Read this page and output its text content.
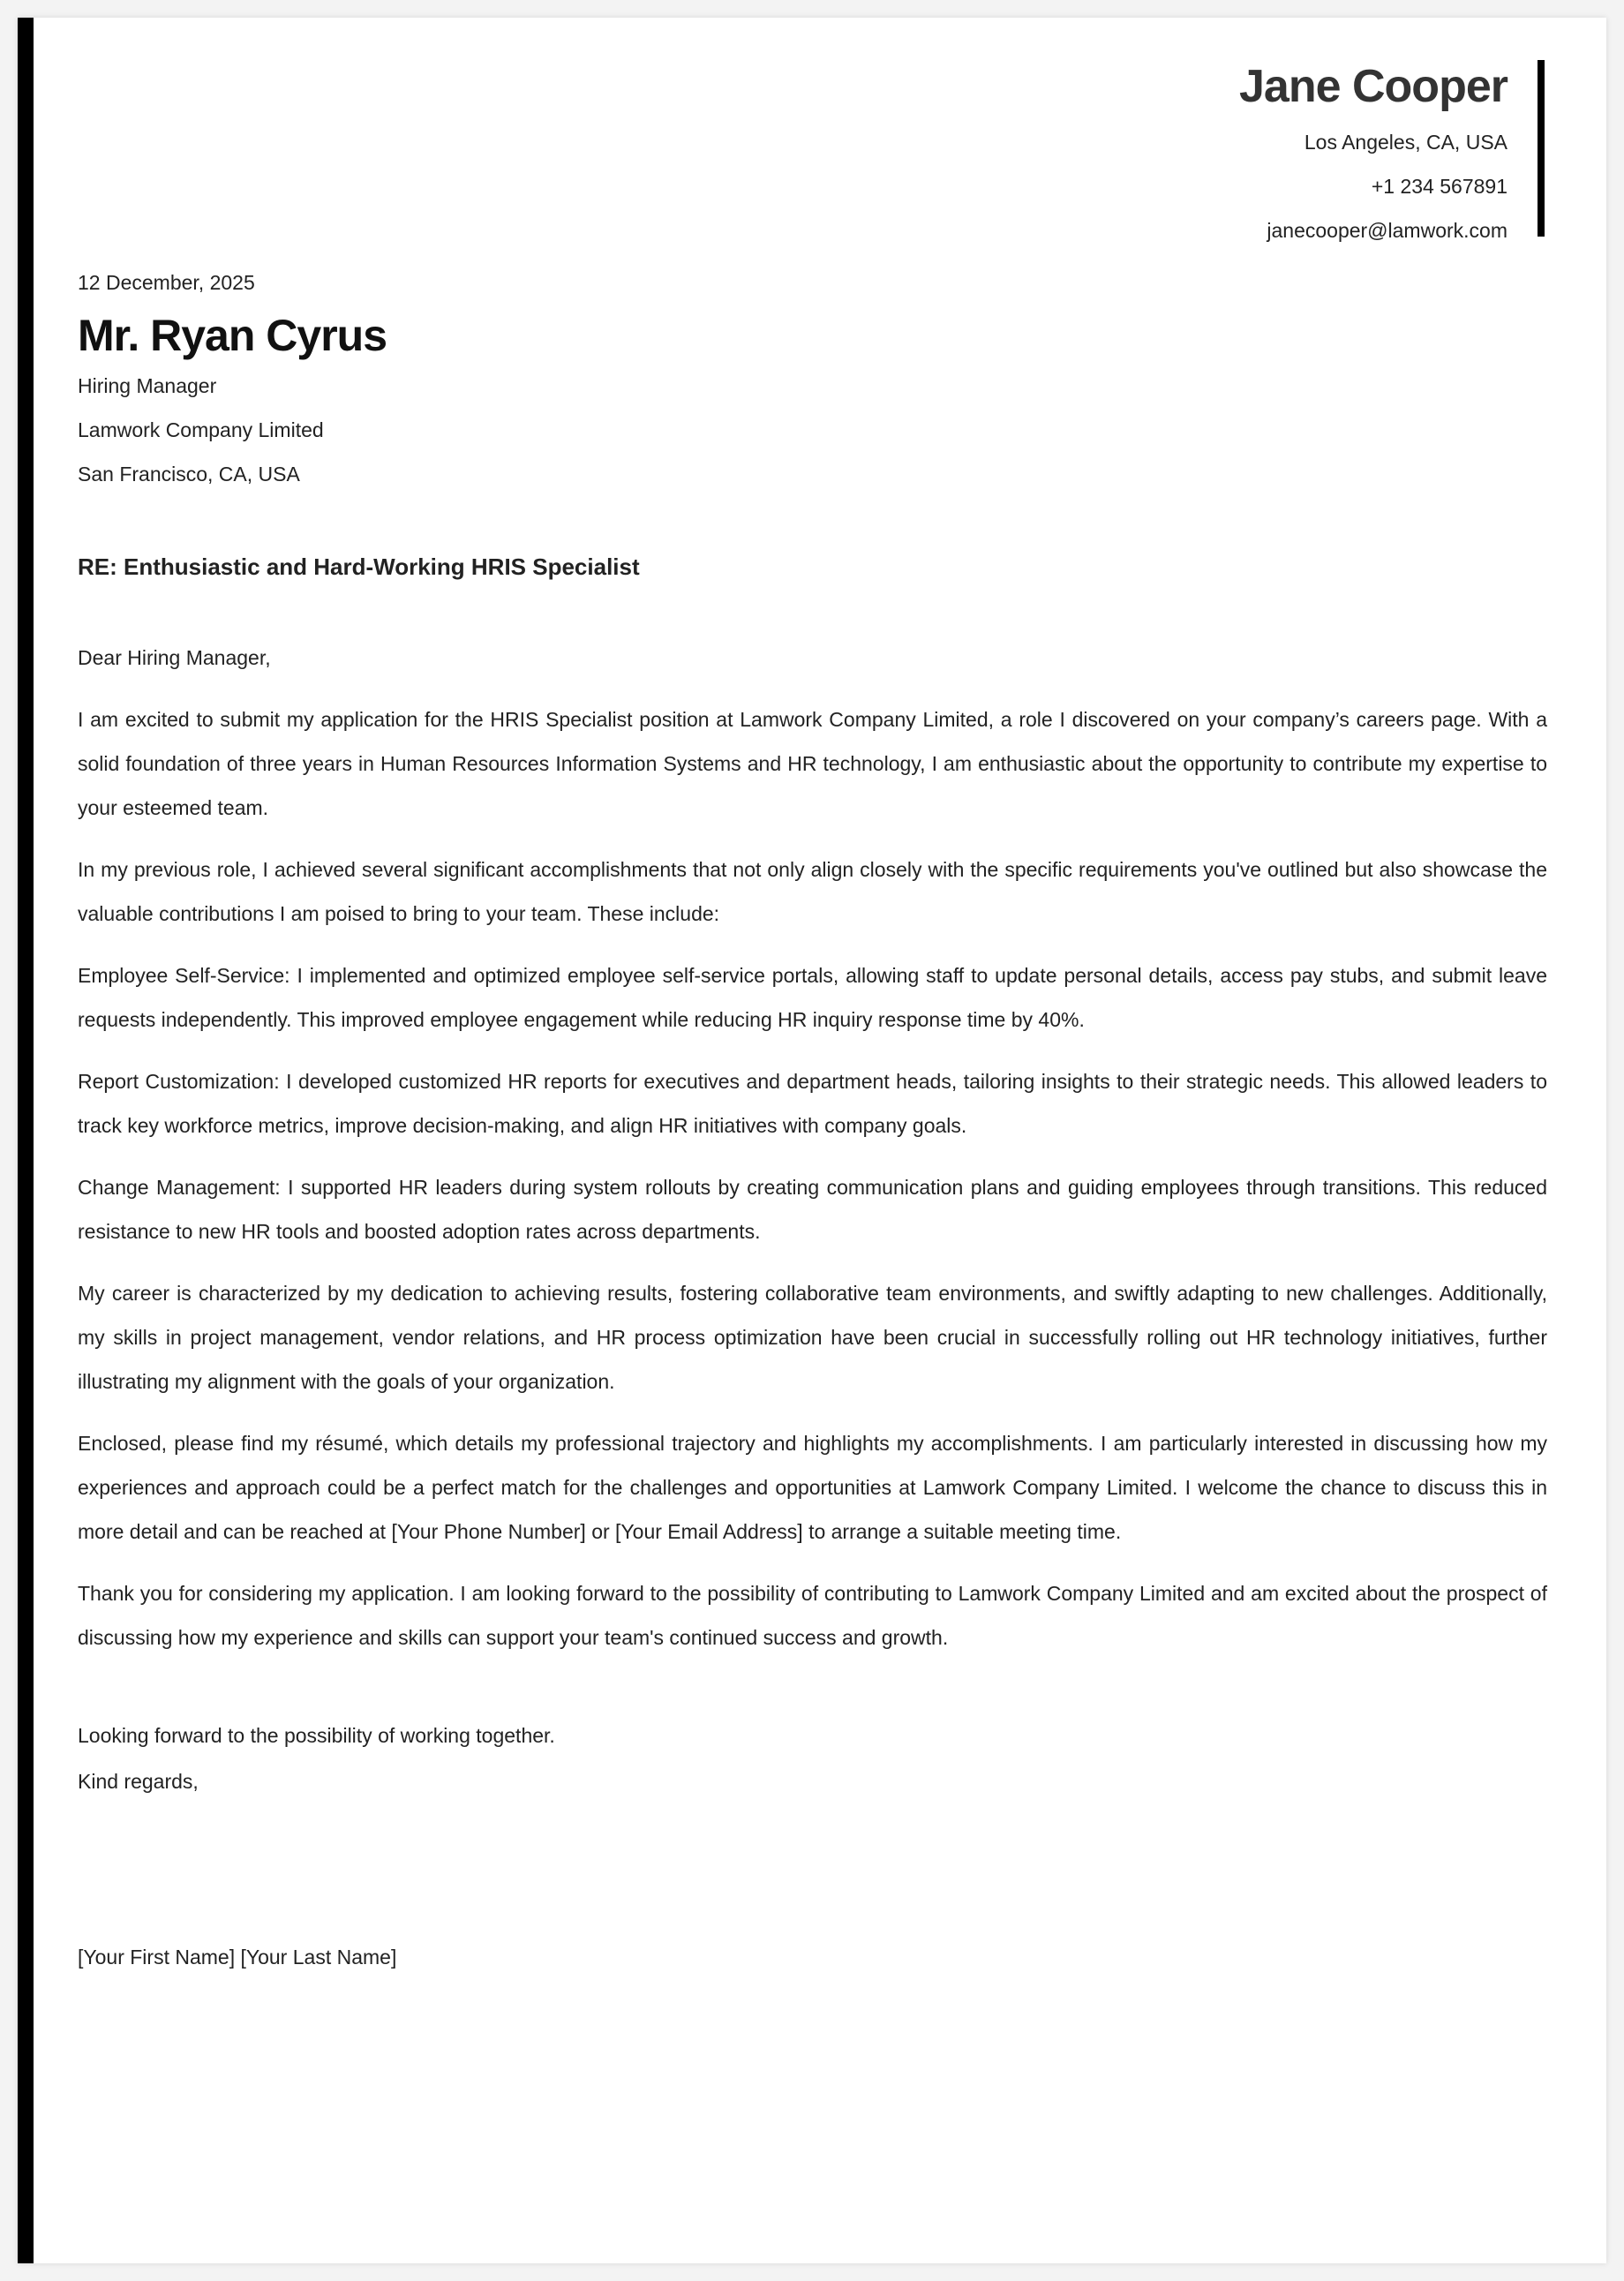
Jane Cooper
Los Angeles, CA, USA
+1 234 567891
janecooper@lamwork.com
12 December, 2025
Mr. Ryan Cyrus
Hiring Manager
Lamwork Company Limited
San Francisco, CA, USA
RE: Enthusiastic and Hard-Working HRIS Specialist

Dear Hiring Manager,

I am excited to submit my application for the HRIS Specialist position at Lamwork Company Limited, a role I discovered on your company’s careers page. With a solid foundation of three years in Human Resources Information Systems and HR technology, I am enthusiastic about the opportunity to contribute my expertise to your esteemed team.

In my previous role, I achieved several significant accomplishments that not only align closely with the specific requirements you've outlined but also showcase the valuable contributions I am poised to bring to your team. These include:

Employee Self-Service: I implemented and optimized employee self-service portals, allowing staff to update personal details, access pay stubs, and submit leave requests independently. This improved employee engagement while reducing HR inquiry response time by 40%.

Report Customization: I developed customized HR reports for executives and department heads, tailoring insights to their strategic needs. This allowed leaders to track key workforce metrics, improve decision-making, and align HR initiatives with company goals.

Change Management: I supported HR leaders during system rollouts by creating communication plans and guiding employees through transitions. This reduced resistance to new HR tools and boosted adoption rates across departments.

My career is characterized by my dedication to achieving results, fostering collaborative team environments, and swiftly adapting to new challenges. Additionally, my skills in project management, vendor relations, and HR process optimization have been crucial in successfully rolling out HR technology initiatives, further illustrating my alignment with the goals of your organization.

Enclosed, please find my résumé, which details my professional trajectory and highlights my accomplishments. I am particularly interested in discussing how my experiences and approach could be a perfect match for the challenges and opportunities at Lamwork Company Limited. I welcome the chance to discuss this in more detail and can be reached at [Your Phone Number] or [Your Email Address] to arrange a suitable meeting time.

Thank you for considering my application. I am looking forward to the possibility of contributing to Lamwork Company Limited and am excited about the prospect of discussing how my experience and skills can support your team's continued success and growth.

Looking forward to the possibility of working together.
Kind regards,
[Your First Name] [Your Last Name]
